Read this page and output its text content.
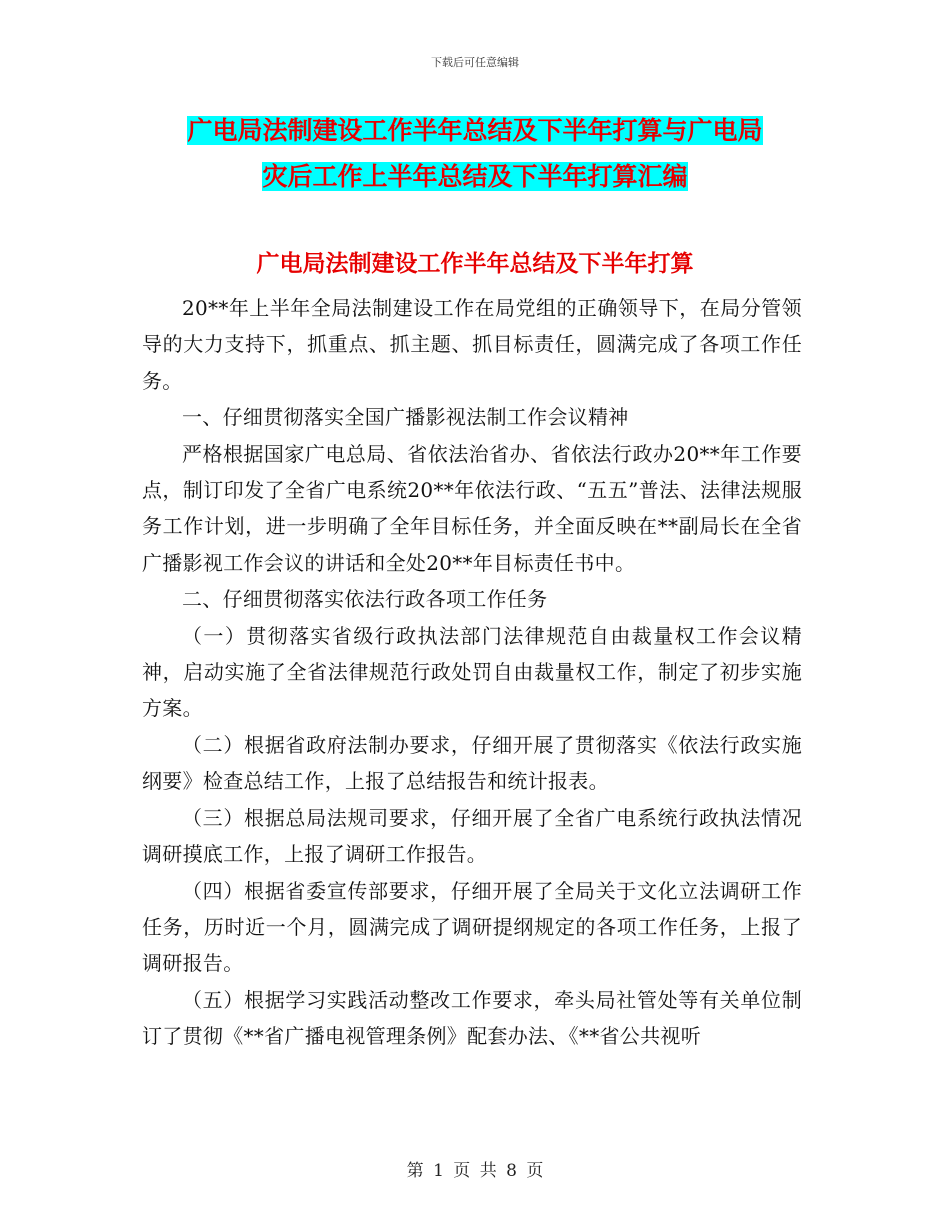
下载后可任意编辑
广电局法制建设工作半年总结及下半年打算与广电局
灾后工作上半年总结及下半年打算汇编
广电局法制建设工作半年总结及下半年打算

20**年上半年全局法制建设工作在局党组的正确领导下，在局分管领导的大力支持下，抓重点、抓主题、抓目标责任，圆满完成了各项工作任务。

一、仔细贯彻落实全国广播影视法制工作会议精神

严格根据国家广电总局、省依法治省办、省依法行政办20**年工作要点，制订印发了全省广电系统20**年依法行政、“五五”普法、法律法规服务工作计划，进一步明确了全年目标任务，并全面反映在**副局长在全省广播影视工作会议的讲话和全处20**年目标责任书中。

二、仔细贯彻落实依法行政各项工作任务

（一）贯彻落实省级行政执法部门法律规范自由裁量权工作会议精神，启动实施了全省法律规范行政处罚自由裁量权工作，制定了初步实施方案。

（二）根据省政府法制办要求，仔细开展了贯彻落实《依法行政实施纲要》检查总结工作，上报了总结报告和统计报表。

（三）根据总局法规司要求，仔细开展了全省广电系统行政执法情况调研摸底工作，上报了调研工作报告。

（四）根据省委宣传部要求，仔细开展了全局关于文化立法调研工作任务，历时近一个月，圆满完成了调研提纲规定的各项工作任务，上报了调研报告。

（五）根据学习实践活动整改工作要求，牵头局社管处等有关单位制订了贯彻《**省广播电视管理条例》配套办法、《**省公共视听

第 1 页 共 8 页
